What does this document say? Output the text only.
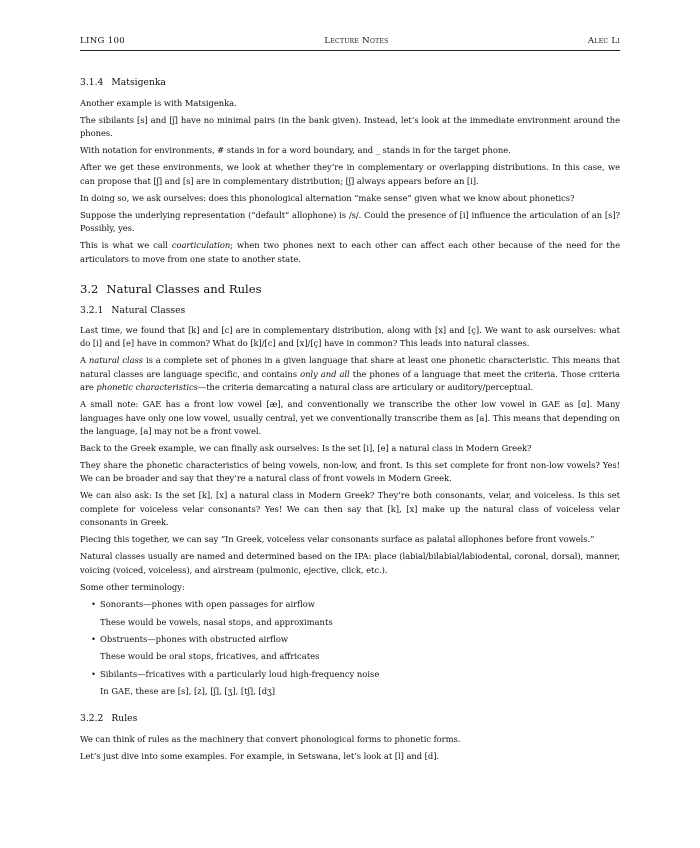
LING 100	Lecture Notes	Alec Li
3.1.4 Matsigenka

Another example is with Matsigenka.

The sibilants [s] and [ʃ] have no minimal pairs (in the bank given). Instead, let’s look at the immediate environment around the phones.

With notation for environments, # stands in for a word boundary, and _ stands in for the target phone.

After we get these environments, we look at whether they’re in complementary or overlapping distributions. In this case, we can propose that [ʃ] and [s] are in complementary distribution; [ʃ] always appears before an [i].

In doing so, we ask ourselves: does this phonological alternation “make sense” given what we know about phonetics?

Suppose the underlying representation (“default” allophone) is /s/. Could the presence of [i] influence the articulation of an [s]? Possibly, yes.

This is what we call coarticulation; when two phones next to each other can affect each other because of the need for the articulators to move from one state to another state.

3.2 Natural Classes and Rules
3.2.1 Natural Classes

Last time, we found that [k] and [c] are in complementary distribution, along with [x] and [ç]. We want to ask ourselves: what do [i] and [e] have in common? What do [k]/[c] and [x]/[ç] have in common? This leads into natural classes.

A natural class is a complete set of phones in a given language that share at least one phonetic characteristic. This means that natural classes are language specific, and contains only and all the phones of a language that meet the criteria. Those criteria are phonetic characteristics—the criteria demarcating a natural class are articulary or auditory/perceptual.

A small note: GAE has a front low vowel [æ], and conventionally we transcribe the other low vowel in GAE as [ɑ]. Many languages have only one low vowel, usually central, yet we conventionally transcribe them as [a]. This means that depending on the language, [a] may not be a front vowel.

Back to the Greek example, we can finally ask ourselves: Is the set [i], [e] a natural class in Modern Greek?

They share the phonetic characteristics of being vowels, non-low, and front. Is this set complete for front non-low vowels? Yes! We can be broader and say that they’re a natural class of front vowels in Modern Greek.

We can also ask: Is the set [k], [x] a natural class in Modern Greek? They’re both consonants, velar, and voiceless. Is this set complete for voiceless velar consonants? Yes! We can then say that [k], [x] make up the natural class of voiceless velar consonants in Greek.

Piecing this together, we can say “In Greek, voiceless velar consonants surface as palatal allophones before front vowels.”

Natural classes usually are named and determined based on the IPA: place (labial/bilabial/labiodental, coronal, dorsal), manner, voicing (voiced, voiceless), and airstream (pulmonic, ejective, click, etc.).

Some other terminology:

• Sonorants—phones with open passages for airflow
These would be vowels, nasal stops, and approximants
• Obstruents—phones with obstructed airflow
These would be oral stops, fricatives, and affricates
• Sibilants—fricatives with a particularly loud high-frequency noise
In GAE, these are [s], [z], [ʃ], [ʒ], [tʃ], [dʒ]
3.2.2 Rules

We can think of rules as the machinery that convert phonological forms to phonetic forms.

Let’s just dive into some examples. For example, in Setswana, let’s look at [l] and [d].
